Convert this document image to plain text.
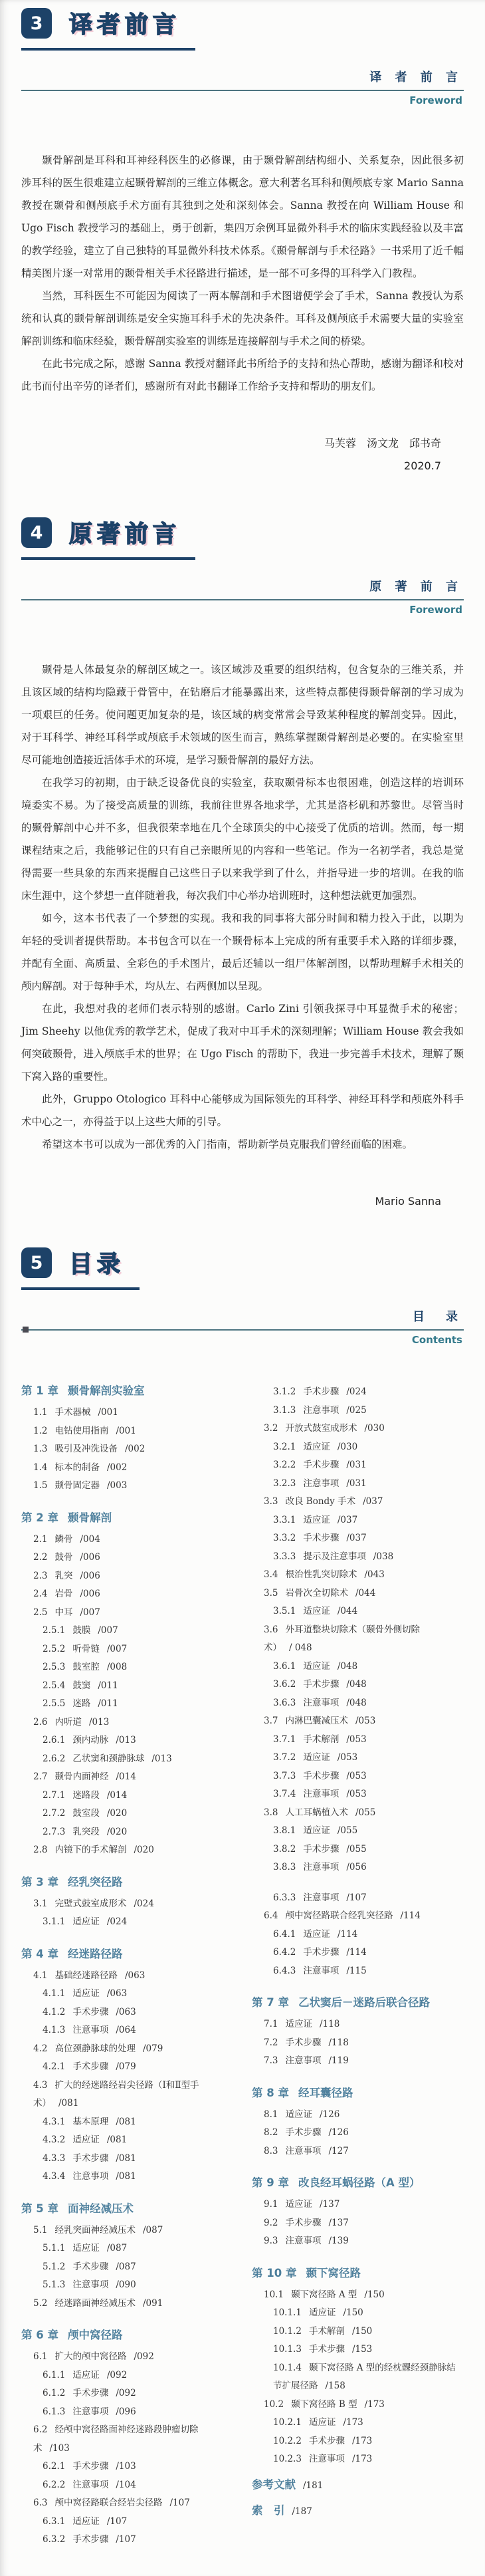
3	译者前言
译 者 前 言
Foreword

颞骨解剖是耳科和耳神经科医生的必修课，由于颞骨解剖结构细小、关系复杂，因此很多初涉耳科的医生很难建立起颞骨解剖的三维立体概念。意大利著名耳科和侧颅底专家 Mario Sanna 教授在颞骨和侧颅底手术方面有其独到之处和深刻体会。Sanna 教授在向 William House 和 Ugo Fisch 教授学习的基础上，勇于创新，集四万余例耳显微外科手术的临床实践经验以及丰富的教学经验，建立了自己独特的耳显微外科技术体系。《颞骨解剖与手术径路》一书采用了近千幅精美图片逐一对常用的颞骨相关手术径路进行描述，是一部不可多得的耳科学入门教程。

当然，耳科医生不可能因为阅读了一两本解剖和手术图谱便学会了手术，Sanna 教授认为系统和认真的颞骨解剖训练是安全实施耳科手术的先决条件。耳科及侧颅底手术需要大量的实验室解剖训练和临床经验，颞骨解剖实验室的训练是连接解剖与手术之间的桥梁。

在此书完成之际，感谢 Sanna 教授对翻译此书所给予的支持和热心帮助，感谢为翻译和校对此书而付出辛劳的译者们，感谢所有对此书翻译工作给予支持和帮助的朋友们。

马芙蓉　汤文龙　邱书奇
2020.7
4	原著前言
原 著 前 言
Foreword

颞骨是人体最复杂的解剖区域之一。该区域涉及重要的组织结构，包含复杂的三维关系，并且该区域的结构均隐藏于骨管中，在钻磨后才能暴露出来，这些特点都使得颞骨解剖的学习成为一项艰巨的任务。使问题更加复杂的是，该区域的病变常常会导致某种程度的解剖变异。因此，对于耳科学、神经耳科学或颅底手术领域的医生而言，熟练掌握颞骨解剖是必要的。在实验室里尽可能地创造接近活体手术的环境，是学习颞骨解剖的最好方法。

在我学习的初期，由于缺乏设备优良的实验室，获取颞骨标本也很困难，创造这样的培训环境委实不易。为了接受高质量的训练，我前往世界各地求学，尤其是洛杉矶和苏黎世。尽管当时的颞骨解剖中心并不多，但我很荣幸地在几个全球顶尖的中心接受了优质的培训。然而，每一期课程结束之后，我能够记住的只有自己亲眼所见的内容和一些笔记。作为一名初学者，我总是觉得需要一些具象的东西来提醒自己这些日子以来我学到了什么，并指导进一步的培训。在我的临床生涯中，这个梦想一直伴随着我，每次我们中心举办培训班时，这种想法就更加强烈。

如今，这本书代表了一个梦想的实现。我和我的同事将大部分时间和精力投入于此，以期为年轻的受训者提供帮助。本书包含可以在一个颞骨标本上完成的所有重要手术入路的详细步骤，并配有全面、高质量、全彩色的手术图片，最后还辅以一组尸体解剖图，以帮助理解手术相关的颅内解剖。对于每种手术，均从左、右两侧加以呈现。

在此，我想对我的老师们表示特别的感谢。Carlo Zini 引领我探寻中耳显微手术的秘密；Jim Sheehy 以他优秀的教学艺术，促成了我对中耳手术的深刻理解；William House 教会我如何突破颞骨，进入颅底手术的世界；在 Ugo Fisch 的帮助下，我进一步完善手术技术，理解了颞下窝入路的重要性。

此外，Gruppo Otologico 耳科中心能够成为国际领先的耳科学、神经耳科学和颅底外科手术中心之一，亦得益于以上这些大师的引导。

希望这本书可以成为一部优秀的入门指南，帮助新学员克服我们曾经面临的困难。

Mario Sanna
5	目录
目　录
Contents
第 1 章 颞骨解剖实验室
1.1 手术器械 /001
1.2 电钻使用指南 /001
1.3 吸引及冲洗设备 /002
1.4 标本的制备 /002
1.5 颞骨固定器 /003
第 2 章 颞骨解剖
2.1 鳞骨 /004
2.2 鼓骨 /006
2.3 乳突 /006
2.4 岩骨 /006
2.5 中耳 /007
2.5.1 鼓膜 /007
2.5.2 听骨链 /007
2.5.3 鼓室腔 /008
2.5.4 鼓窦 /011
2.5.5 迷路 /011
2.6 内听道 /013
2.6.1 颈内动脉 /013
2.6.2 乙状窦和颈静脉球 /013
2.7 颞骨内面神经 /014
2.7.1 迷路段 /014
2.7.2 鼓室段 /020
2.7.3 乳突段 /020
2.8 内镜下的手术解剖 /020
第 3 章 经乳突径路
3.1 完壁式鼓室成形术 /024
3.1.1 适应证 /024
第 4 章 经迷路径路
4.1 基础经迷路径路 /063
4.1.1 适应证 /063
4.1.2 手术步骤 /063
4.1.3 注意事项 /064
4.2 高位颈静脉球的处理 /079
4.2.1 手术步骤 /079
4.3 扩大的经迷路经岩尖径路（Ⅰ和Ⅱ型手术） /081
4.3.1 基本原理 /081
4.3.2 适应证 /081
4.3.3 手术步骤 /081
4.3.4 注意事项 /081
第 5 章 面神经减压术
5.1 经乳突面神经减压术 /087
5.1.1 适应证 /087
5.1.2 手术步骤 /087
5.1.3 注意事项 /090
5.2 经迷路面神经减压术 /091
第 6 章 颅中窝径路
6.1 扩大的颅中窝径路 /092
6.1.1 适应证 /092
6.1.2 手术步骤 /092
6.1.3 注意事项 /096
6.2 经颅中窝径路面神经迷路段肿瘤切除术 /103
6.2.1 手术步骤 /103
6.2.2 注意事项 /104
6.3 颅中窝径路联合经岩尖径路 /107
6.3.1 适应证 /107
6.3.2 手术步骤 /107
3.1.2 手术步骤 /024
3.1.3 注意事项 /025
3.2 开放式鼓室成形术 /030
3.2.1 适应证 /030
3.2.2 手术步骤 /031
3.2.3 注意事项 /031
3.3 改良 Bondy 手术 /037
3.3.1 适应证 /037
3.3.2 手术步骤 /037
3.3.3 提示及注意事项 /038
3.4 根治性乳突切除术 /043
3.5 岩骨次全切除术 /044
3.5.1 适应证 /044
3.6 外耳道整块切除术（颞骨外侧切除术） / 048
3.6.1 适应证 /048
3.6.2 手术步骤 /048
3.6.3 注意事项 /048
3.7 内淋巴囊减压术 /053
3.7.1 手术解剖 /053
3.7.2 适应证 /053
3.7.3 手术步骤 /053
3.7.4 注意事项 /053
3.8 人工耳蜗植入术 /055
3.8.1 适应证 /055
3.8.2 手术步骤 /055
3.8.3 注意事项 /056
6.3.3 注意事项 /107
6.4 颅中窝径路联合经乳突径路 /114
6.4.1 适应证 /114
6.4.2 手术步骤 /114
6.4.3 注意事项 /115
第 7 章 乙状窦后－迷路后联合径路
7.1 适应证 /118
7.2 手术步骤 /118
7.3 注意事项 /119
第 8 章 经耳囊径路
8.1 适应证 /126
8.2 手术步骤 /126
8.3 注意事项 /127
第 9 章 改良经耳蜗径路（A 型）
9.1 适应证 /137
9.2 手术步骤 /137
9.3 注意事项 /139
第 10 章 颞下窝径路
10.1 颞下窝径路 A 型 /150
10.1.1 适应证 /150
10.1.2 手术解剖 /150
10.1.3 手术步骤 /153
10.1.4 颞下窝径路 A 型的经枕髁经颈静脉结节扩展径路 /158
10.2 颞下窝径路 B 型 /173
10.2.1 适应证 /173
10.2.2 手术步骤 /173
10.2.3 注意事项 /173
参考文献 /181
索　引 /187
